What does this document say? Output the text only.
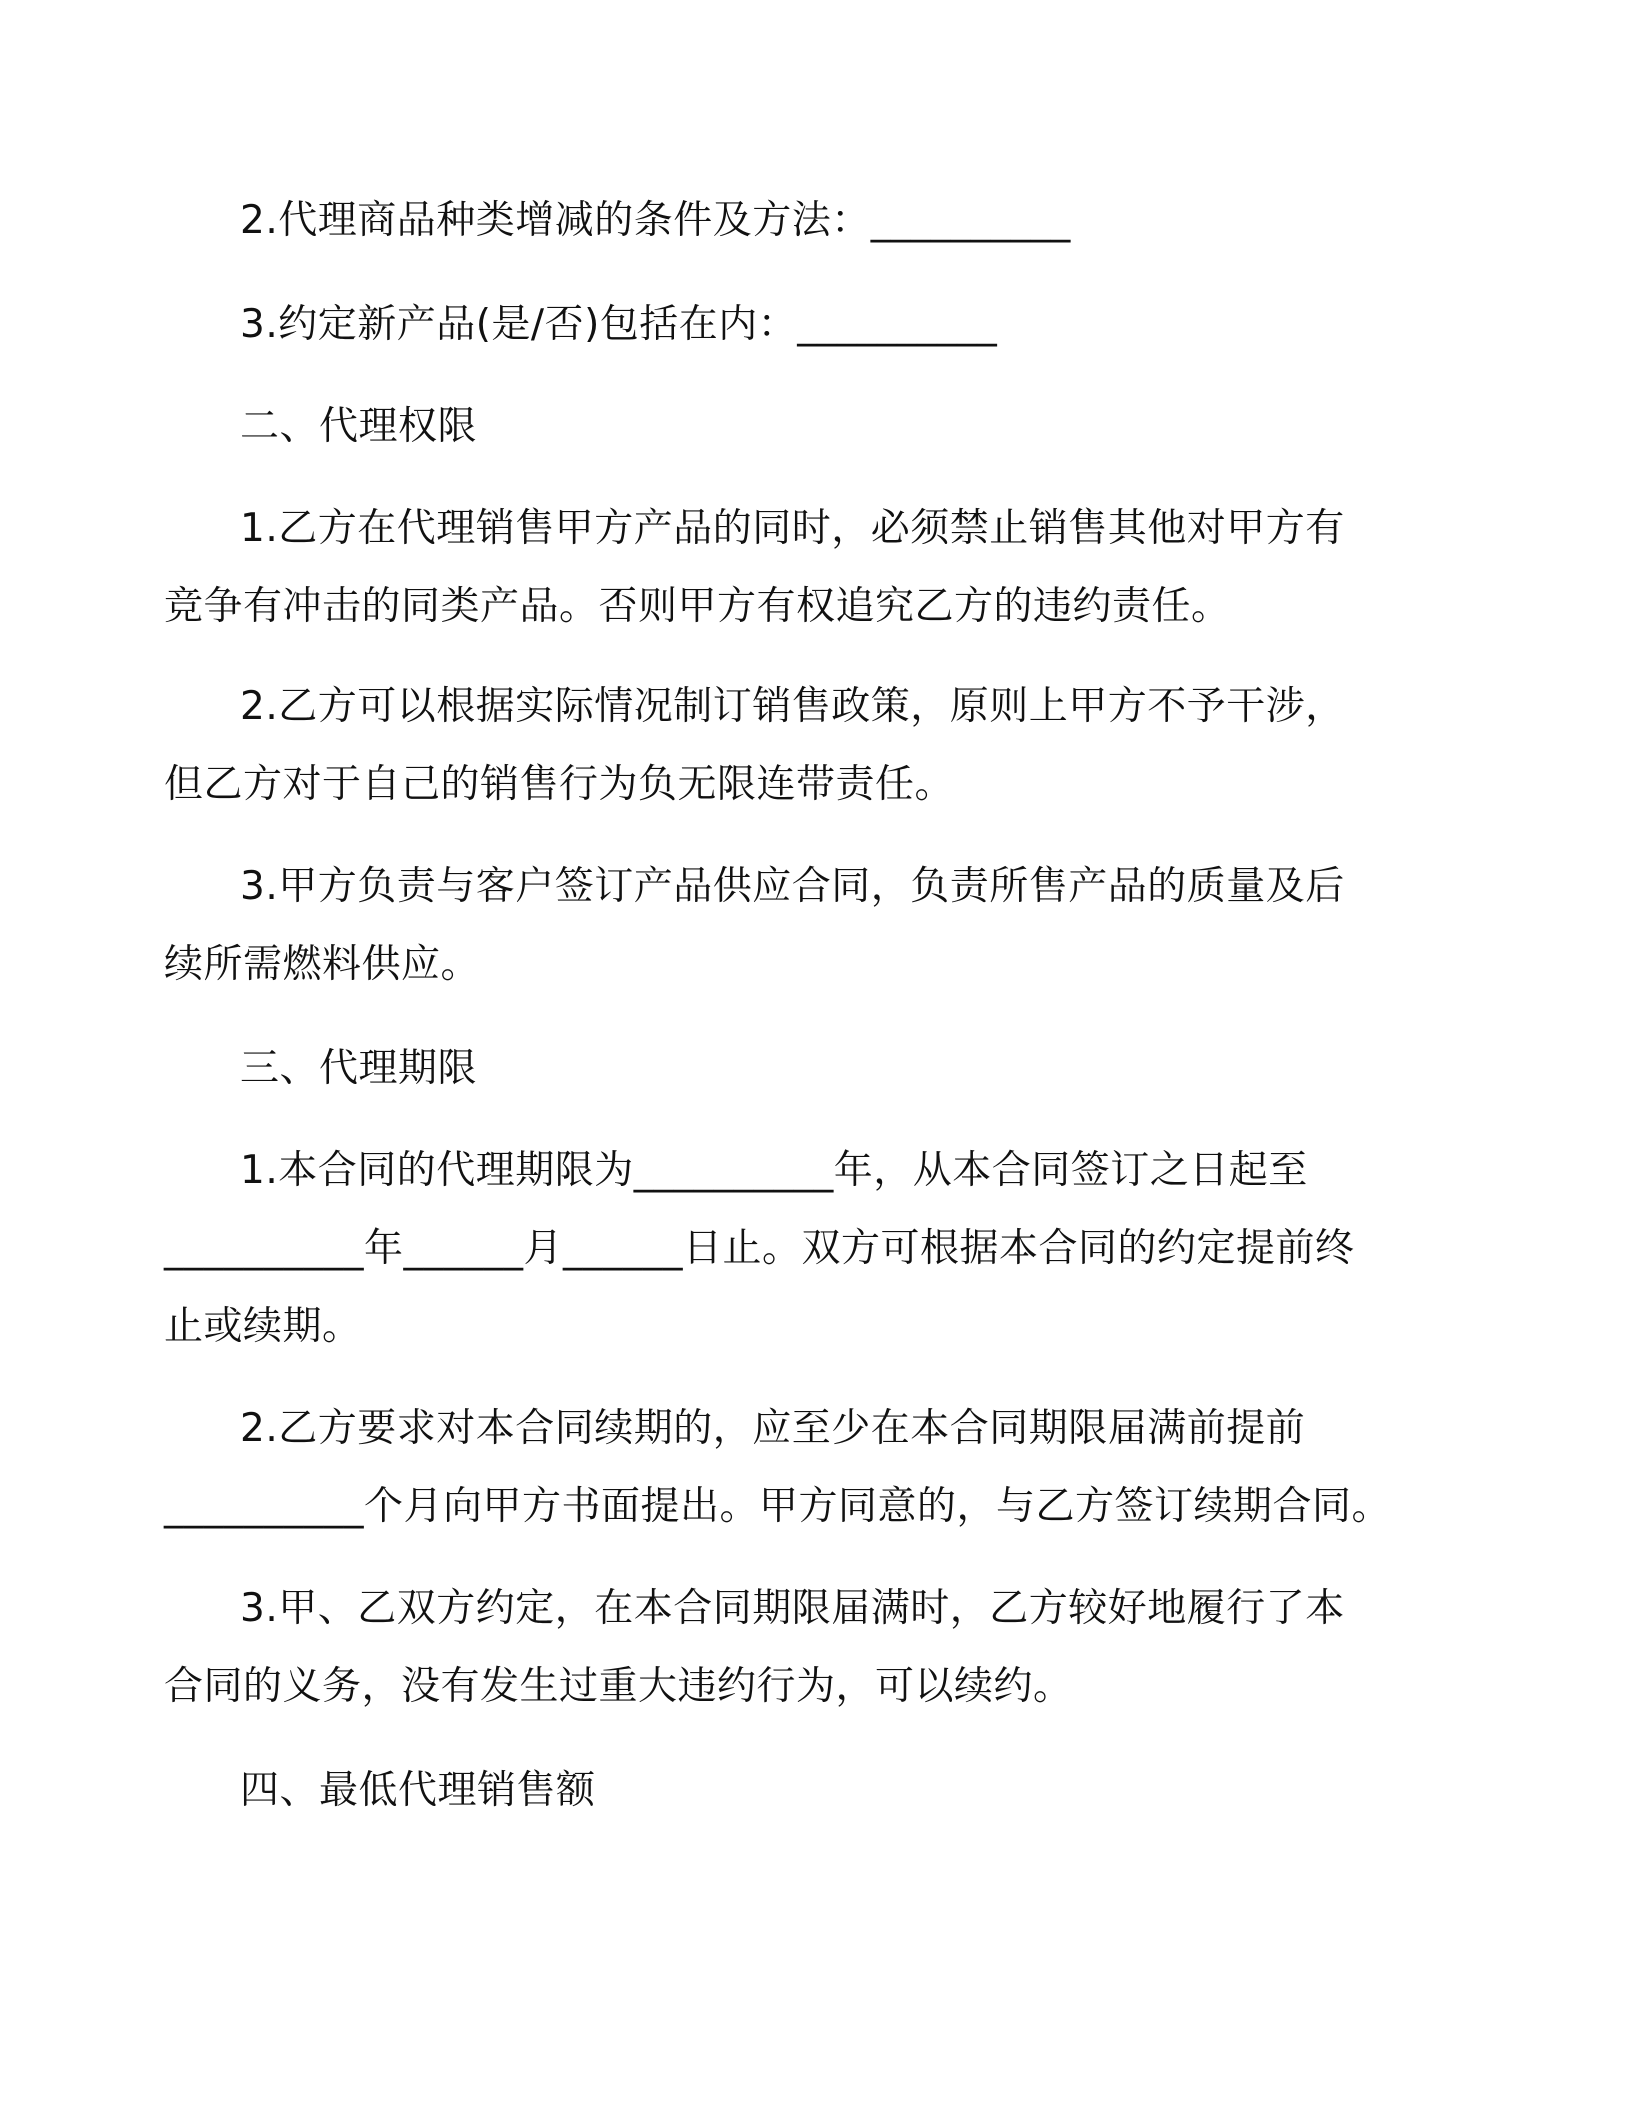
2.代理商品种类增减的条件及方法：__________
3.约定新产品(是/否)包括在内：__________
二、代理权限
1.乙方在代理销售甲方产品的同时，必须禁止销售其他对甲方有
竞争有冲击的同类产品。否则甲方有权追究乙方的违约责任。
2.乙方可以根据实际情况制订销售政策，原则上甲方不予干涉，
但乙方对于自己的销售行为负无限连带责任。
3.甲方负责与客户签订产品供应合同，负责所售产品的质量及后
续所需燃料供应。
三、代理期限
1.本合同的代理期限为__________年，从本合同签订之日起至
__________年______月______日止。双方可根据本合同的约定提前终
止或续期。
2.乙方要求对本合同续期的，应至少在本合同期限届满前提前
__________个月向甲方书面提出。甲方同意的，与乙方签订续期合同。
3.甲、乙双方约定，在本合同期限届满时，乙方较好地履行了本
合同的义务，没有发生过重大违约行为，可以续约。
四、最低代理销售额
